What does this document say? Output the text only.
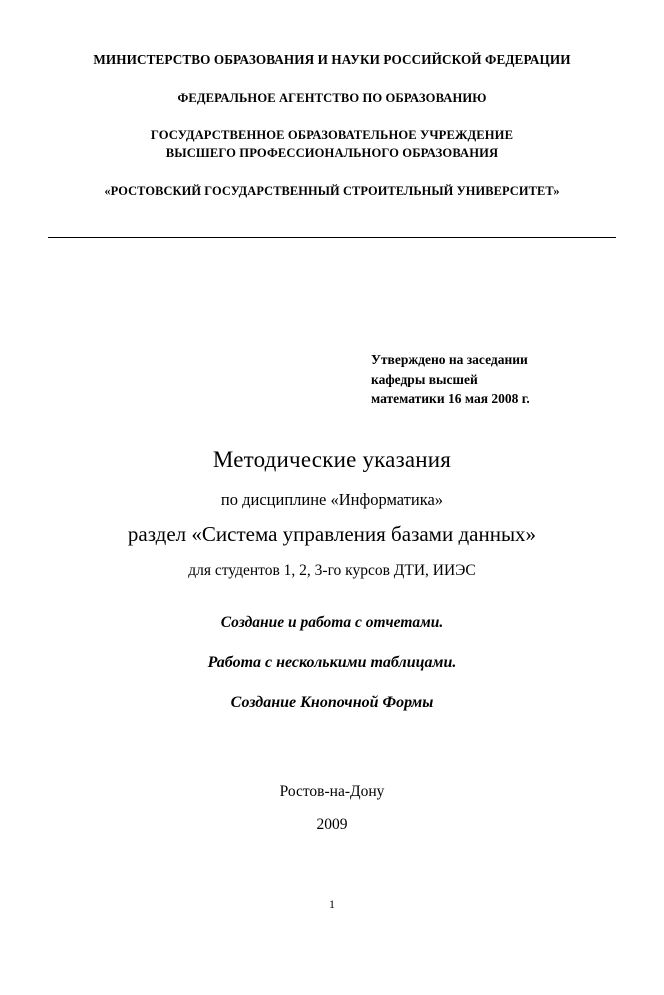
МИНИСТЕРСТВО ОБРАЗОВАНИЯ И НАУКИ РОССИЙСКОЙ ФЕДЕРАЦИИ
ФЕДЕРАЛЬНОЕ АГЕНТСТВО ПО ОБРАЗОВАНИЮ
ГОСУДАРСТВЕННОЕ ОБРАЗОВАТЕЛЬНОЕ УЧРЕЖДЕНИЕ
ВЫСШЕГО ПРОФЕССИОНАЛЬНОГО ОБРАЗОВАНИЯ
«РОСТОВСКИЙ ГОСУДАРСТВЕННЫЙ СТРОИТЕЛЬНЫЙ УНИВЕРСИТЕТ»
Утверждено на заседании
кафедры высшей
математики 16 мая 2008 г.
Методические указания
по дисциплине «Информатика»
раздел «Система управления базами данных»
для студентов 1, 2, 3-го курсов ДТИ, ИИЭС
Создание и работа с отчетами.
Работа с несколькими таблицами.
Создание Кнопочной Формы
Ростов-на-Дону
2009
1
